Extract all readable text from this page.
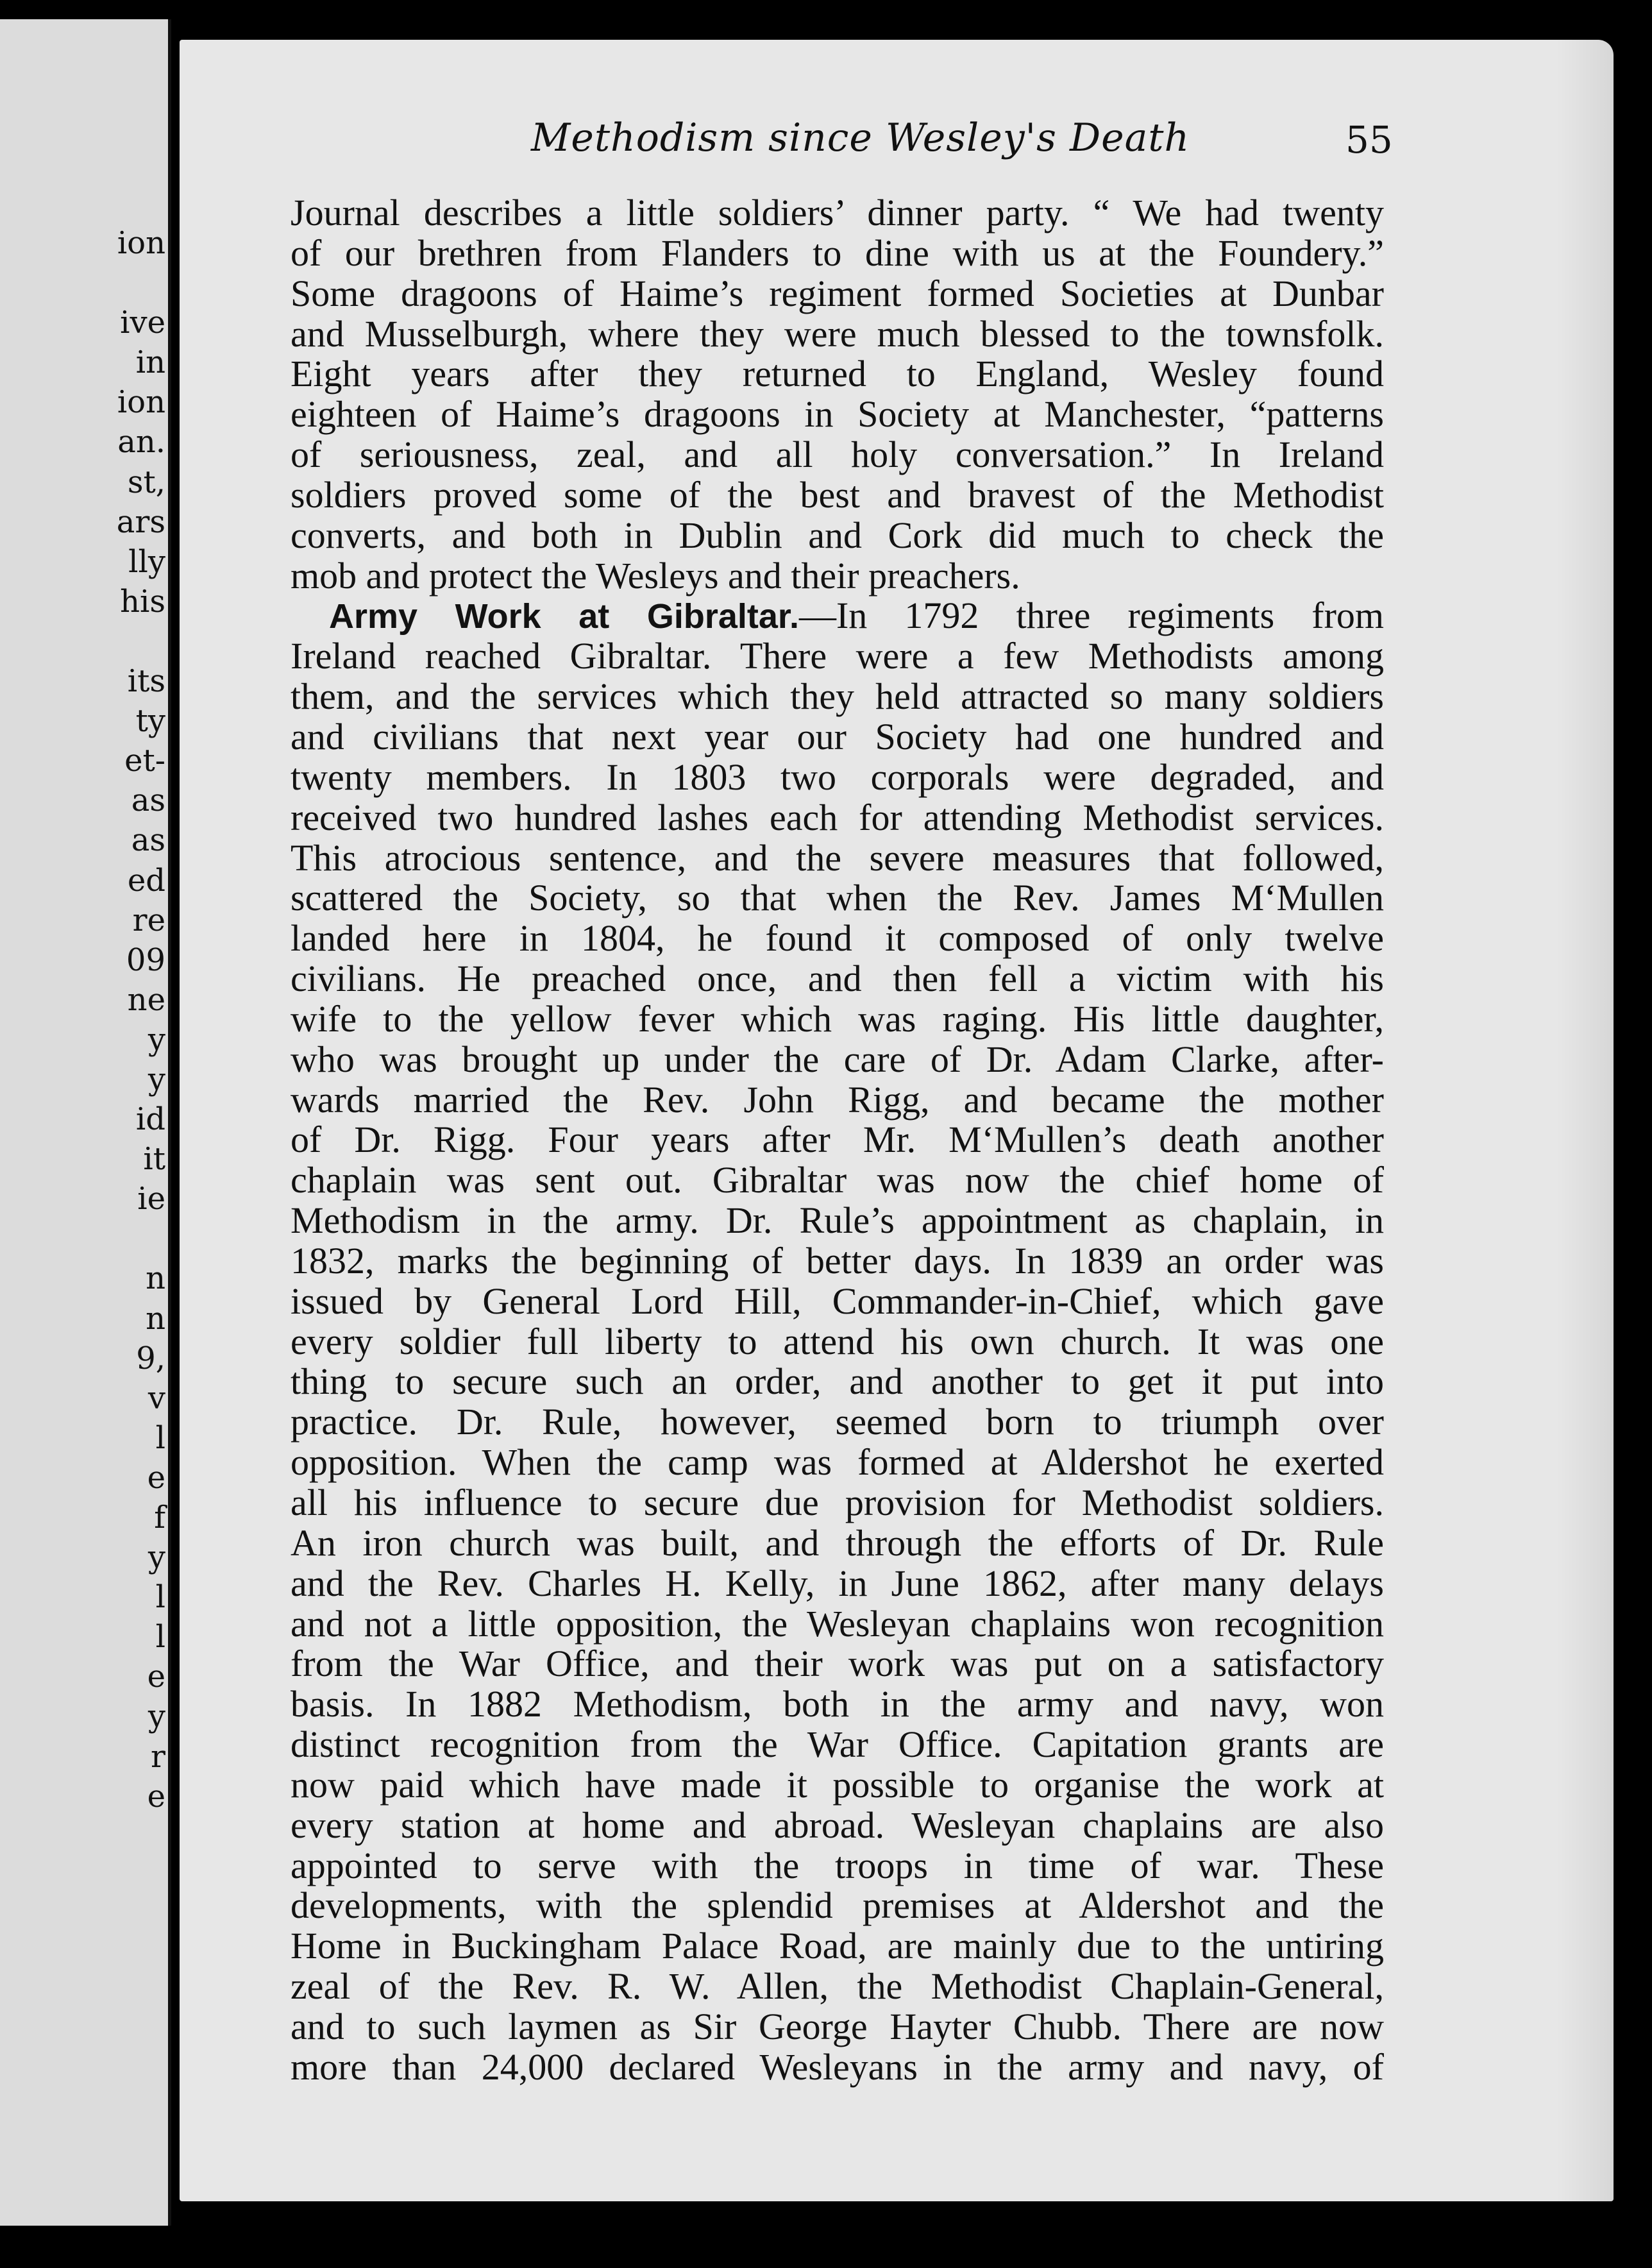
ion
ive
in
ion
an.
st,
ars
lly
his
its
ty
et-
as
as
ed
re
09
ne
y
y
id
it
ie
n
n
9,
v
l
e
f
y
l
l
e
y
r
e
Methodism since Wesley's Death	55
Journal describes a little soldiers’ dinner party. “ We had twenty
of our brethren from Flanders to dine with us at the Foundery.”
Some dragoons of Haime’s regiment formed Societies at Dunbar
and Musselburgh, where they were much blessed to the townsfolk.
Eight years after they returned to England, Wesley found
eighteen of Haime’s dragoons in Society at Manchester, “patterns
of seriousness, zeal, and all holy conversation.” In Ireland
soldiers proved some of the best and bravest of the Methodist
converts, and both in Dublin and Cork did much to check the
mob and protect the Wesleys and their preachers.
Army Work at Gibraltar.—In 1792 three regiments from
Ireland reached Gibraltar. There were a few Methodists among
them, and the services which they held attracted so many soldiers
and civilians that next year our Society had one hundred and
twenty members. In 1803 two corporals were degraded, and
received two hundred lashes each for attending Methodist services.
This atrocious sentence, and the severe measures that followed,
scattered the Society, so that when the Rev. James M‘Mullen
landed here in 1804, he found it composed of only twelve
civilians. He preached once, and then fell a victim with his
wife to the yellow fever which was raging. His little daughter,
who was brought up under the care of Dr. Adam Clarke, after-
wards married the Rev. John Rigg, and became the mother
of Dr. Rigg. Four years after Mr. M‘Mullen’s death another
chaplain was sent out. Gibraltar was now the chief home of
Methodism in the army. Dr. Rule’s appointment as chaplain, in
1832, marks the beginning of better days. In 1839 an order was
issued by General Lord Hill, Commander-in-Chief, which gave
every soldier full liberty to attend his own church. It was one
thing to secure such an order, and another to get it put into
practice. Dr. Rule, however, seemed born to triumph over
opposition. When the camp was formed at Aldershot he exerted
all his influence to secure due provision for Methodist soldiers.
An iron church was built, and through the efforts of Dr. Rule
and the Rev. Charles H. Kelly, in June 1862, after many delays
and not a little opposition, the Wesleyan chaplains won recognition
from the War Office, and their work was put on a satisfactory
basis. In 1882 Methodism, both in the army and navy, won
distinct recognition from the War Office. Capitation grants are
now paid which have made it possible to organise the work at
every station at home and abroad. Wesleyan chaplains are also
appointed to serve with the troops in time of war. These
developments, with the splendid premises at Aldershot and the
Home in Buckingham Palace Road, are mainly due to the untiring
zeal of the Rev. R. W. Allen, the Methodist Chaplain-General,
and to such laymen as Sir George Hayter Chubb. There are now
more than 24,000 declared Wesleyans in the army and navy, of
